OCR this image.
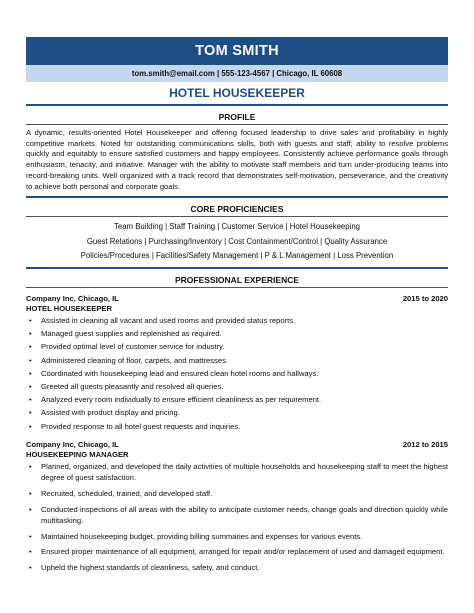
TOM SMITH
tom.smith@email.com | 555-123-4567 | Chicago, IL 60608
HOTEL HOUSEKEEPER
PROFILE

A dynamic, results-oriented Hotel Housekeeper and offering focused leadership to drive sales and profitability in highly competitive markets. Noted for outstanding communications skills, both with guests and staff; ability to resolve problems quickly and equitably to ensure satisfied customers and happy employees. Consistently achieve performance goals through enthusiasm, tenacity, and initiative. Manager with the ability to motivate staff members and turn under-producing teams into record-breaking units. Well organized with a track record that demonstrates self-motivation, perseverance, and the creativity to achieve both personal and corporate goals.

CORE PROFICIENCIES
Team Building | Staff Training | Customer Service | Hotel Housekeeping
Guest Relations | Purchasing/Inventory | Cost Containment/Control | Quality Assurance
Policies/Procedures | Facilities/Safety Management | P & L Management | Loss Prevention
PROFESSIONAL EXPERIENCE
Company Inc, Chicago, IL	2015 to 2020
HOTEL HOUSEKEEPER
• Assisted in cleaning all vacant and used rooms and provided status reports.
• Managed guest supplies and replenished as required.
• Provided optimal level of customer service for industry.
• Administered cleaning of floor, carpets, and mattresses.
• Coordinated with housekeeping lead and ensured clean hotel rooms and hallways.
• Greeted all guests pleasantly and resolved all queries.
• Analyzed every room individually to ensure efficient cleanliness as per requirement.
• Assisted with product display and pricing.
• Provided response to all hotel guest requests and inquiries.
Company Inc, Chicago, IL	2012 to 2015
HOUSEKEEPING MANAGER
• Planned, organized, and developed the daily activities of multiple households and housekeeping staff to meet the highest degree of guest satisfaction.
• Recruited, scheduled, trained, and developed staff.
• Conducted inspections of all areas with the ability to anticipate customer needs, change goals and direction quickly while multitasking.
• Maintained housekeeping budget, providing billing summaries and expenses for various events.
• Ensured proper maintenance of all equipment, arranged for repair and/or replacement of used and damaged equipment.
• Upheld the highest standards of cleanliness, safety, and conduct.
